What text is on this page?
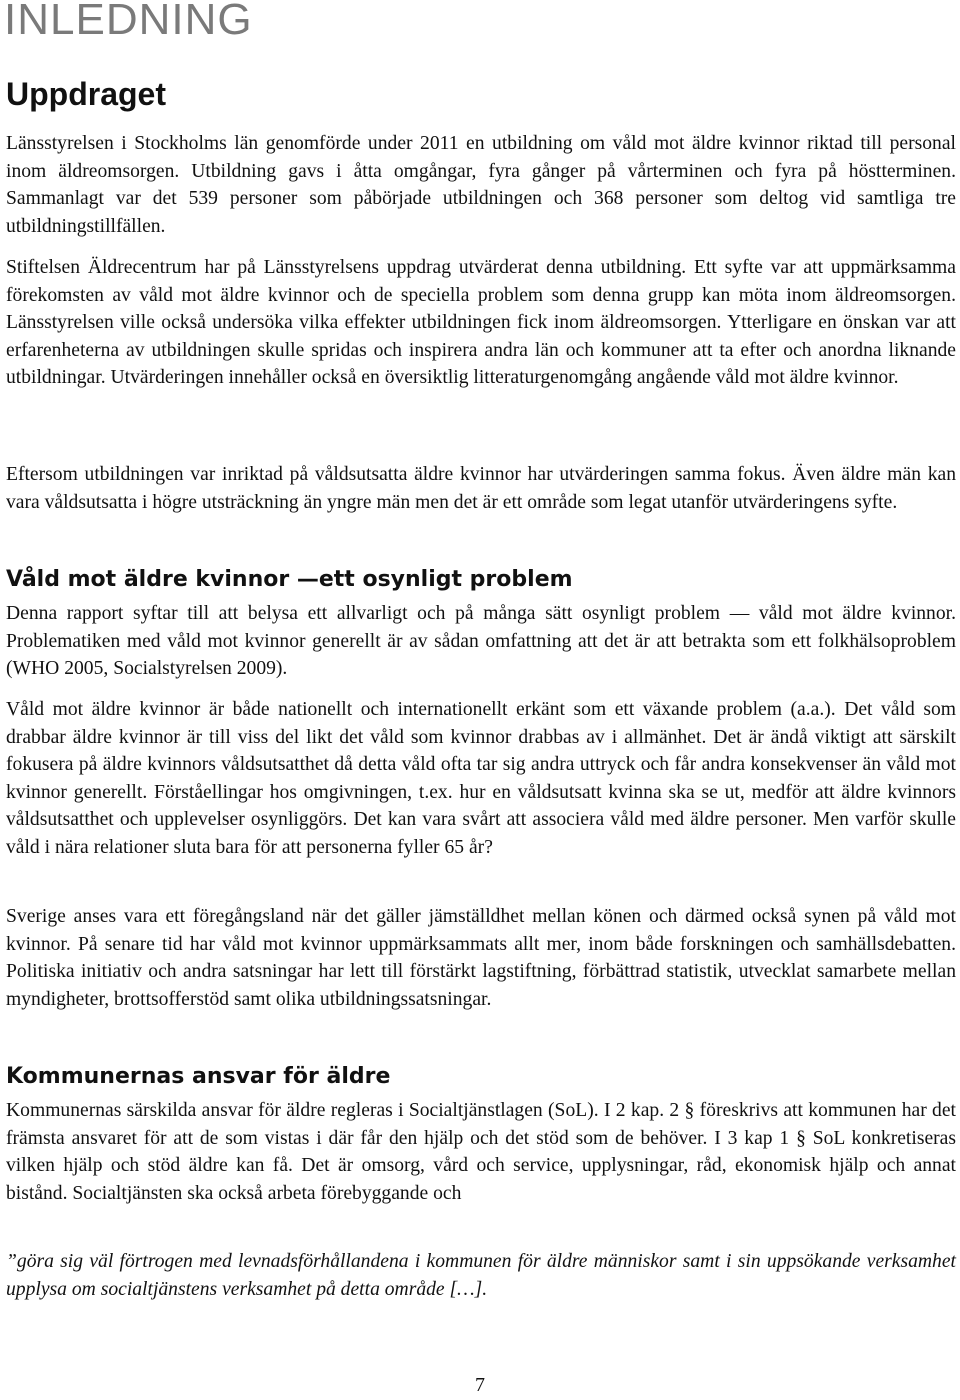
INLEDNING
Uppdraget

Länsstyrelsen i Stockholms län genomförde under 2011 en utbildning om våld mot äldre kvinnor riktad till personal inom äldreomsorgen. Utbildning gavs i åtta omgångar, fyra gånger på vårterminen och fyra på höstterminen. Sammanlagt var det 539 personer som påbörjade utbildningen och 368 personer som deltog vid samtliga tre utbildningstillfällen.

Stiftelsen Äldrecentrum har på Länsstyrelsens uppdrag utvärderat denna utbildning. Ett syfte var att uppmärksamma förekomsten av våld mot äldre kvinnor och de speciella problem som denna grupp kan möta inom äldreomsorgen. Länsstyrelsen ville också undersöka vilka effekter utbildningen fick inom äldreomsorgen. Ytterligare en önskan var att erfarenheterna av utbildningen skulle spridas och inspirera andra län och kommuner att ta efter och anordna liknande utbildningar. Utvärderingen innehåller också en översiktlig litteraturgenomgång angående våld mot äldre kvinnor.

Eftersom utbildningen var inriktad på våldsutsatta äldre kvinnor har utvärderingen samma fokus. Även äldre män kan vara våldsutsatta i högre utsträckning än yngre män men det är ett område som legat utanför utvärderingens syfte.

Våld mot äldre kvinnor —ett osynligt problem

Denna rapport syftar till att belysa ett allvarligt och på många sätt osynligt problem — våld mot äldre kvinnor. Problematiken med våld mot kvinnor generellt är av sådan omfattning att det är att betrakta som ett folkhälsoproblem (WHO 2005, Socialstyrelsen 2009).

Våld mot äldre kvinnor är både nationellt och internationellt erkänt som ett växande problem (a.a.). Det våld som drabbar äldre kvinnor är till viss del likt det våld som kvinnor drabbas av i allmänhet. Det är ändå viktigt att särskilt fokusera på äldre kvinnors våldsutsatthet då detta våld ofta tar sig andra uttryck och får andra konsekvenser än våld mot kvinnor generellt. Förståellingar hos omgivningen, t.ex. hur en våldsutsatt kvinna ska se ut, medför att äldre kvinnors våldsutsatthet och upplevelser osynliggörs. Det kan vara svårt att associera våld med äldre personer. Men varför skulle våld i nära relationer sluta bara för att personerna fyller 65 år?

Sverige anses vara ett föregångsland när det gäller jämställdhet mellan könen och därmed också synen på våld mot kvinnor. På senare tid har våld mot kvinnor uppmärksammats allt mer, inom både forskningen och samhällsdebatten. Politiska initiativ och andra satsningar har lett till förstärkt lagstiftning, förbättrad statistik, utvecklat samarbete mellan myndigheter, brottsofferstöd samt olika utbildningssatsningar.

Kommunernas ansvar för äldre

Kommunernas särskilda ansvar för äldre regleras i Socialtjänstlagen (SoL). I 2 kap. 2 § föreskrivs att kommunen har det främsta ansvaret för att de som vistas i där får den hjälp och det stöd som de behöver. I 3 kap 1 § SoL konkretiseras vilken hjälp och stöd äldre kan få. Det är omsorg, vård och service, upplysningar, råd, ekonomisk hjälp och annat bistånd. Socialtjänsten ska också arbeta förebyggande och

”göra sig väl förtrogen med levnadsförhållandena i kommunen för äldre människor samt i sin uppsökande verksamhet upplysa om socialtjänstens verksamhet på detta område […].

7
